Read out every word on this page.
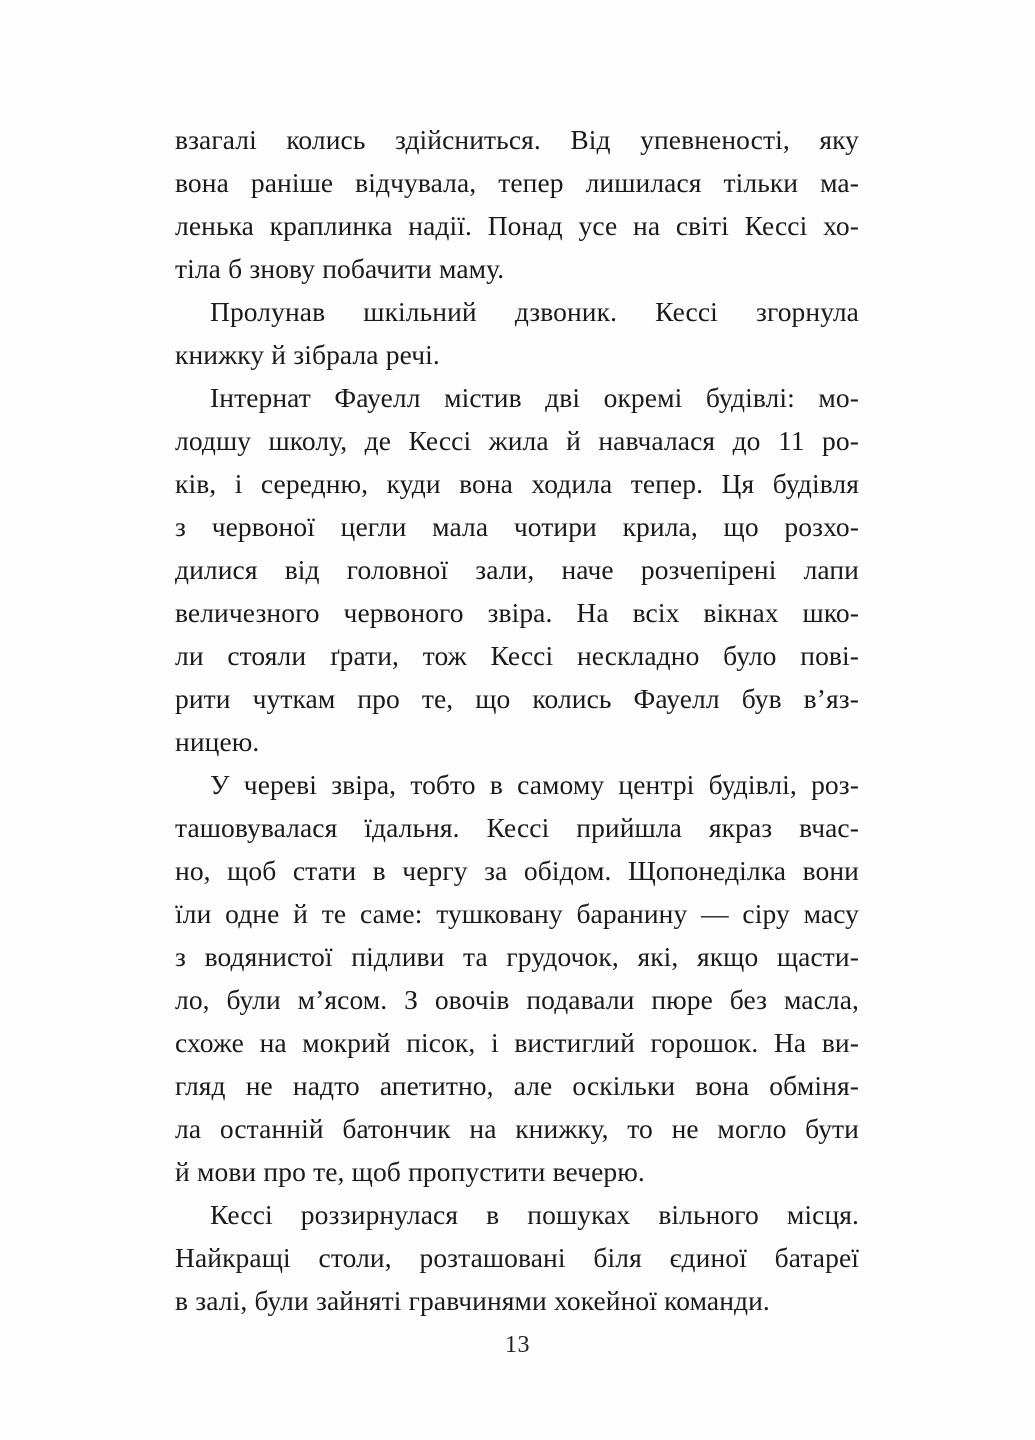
взагалі колись здійсниться. Від упевненості, яку
вона раніше відчувала, тепер лишилася тільки ма-
ленька краплинка надії. Понад усе на світі Кессі хо-
тіла б знову побачити маму.

Пролунав шкільний дзвоник. Кессі згорнула
книжку й зібрала речі.

Інтернат Фауелл містив дві окремі будівлі: мо-
лодшу школу, де Кессі жила й навчалася до 11 ро-
ків, і середню, куди вона ходила тепер. Ця будівля
з червоної цегли мала чотири крила, що розхо-
дилися від головної зали, наче розчепірені лапи
величезного червоного звіра. На всіх вікнах шко-
ли стояли ґрати, тож Кессі нескладно було пові-
рити чуткам про те, що колись Фауелл був в’яз-
ницею.

У череві звіра, тобто в самому центрі будівлі, роз-
ташовувалася їдальня. Кессі прийшла якраз вчас-
но, щоб стати в чергу за обідом. Щопонеділка вони
їли одне й те саме: тушковану баранину — сіру масу
з водянистої підливи та грудочок, які, якщо щасти-
ло, були м’ясом. З овочів подавали пюре без масла,
схоже на мокрий пісок, і вистиглий горошок. На ви-
гляд не надто апетитно, але оскільки вона обміня-
ла останній батончик на книжку, то не могло бути
й мови про те, щоб пропустити вечерю.

Кессі роззирнулася в пошуках вільного місця.
Найкращі столи, розташовані біля єдиної батареї
в залі, були зайняті гравчинями хокейної команди.

13
